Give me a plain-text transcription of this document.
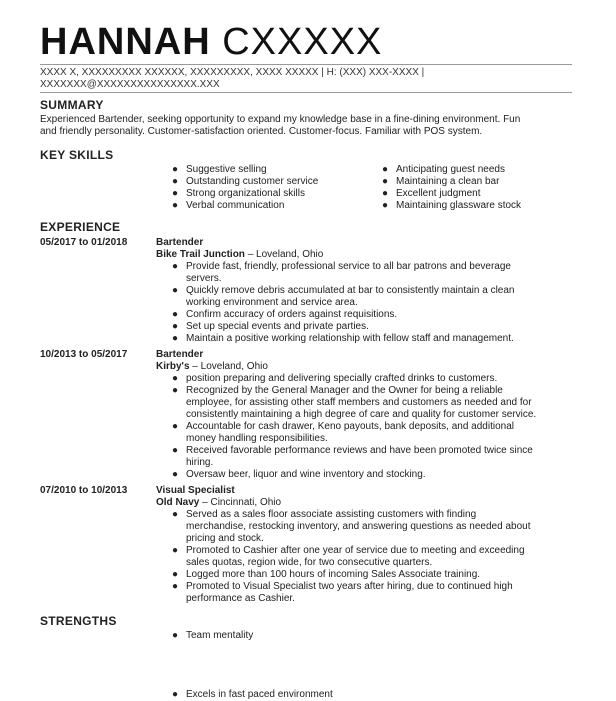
HANNAH CXXXXX
XXXX X, XXXXXXXXX XXXXXX, XXXXXXXXX, XXXX XXXXX | H: (XXX) XXX-XXXX |
XXXXXXX@XXXXXXXXXXXXXXX.XXX
SUMMARY
Experienced Bartender, seeking opportunity to expand my knowledge base in a fine-dining environment. Fun
and friendly personality. Customer-satisfaction oriented. Customer-focus. Familiar with POS system.
KEY SKILLS
● Suggestive selling
● Outstanding customer service
● Strong organizational skills
● Verbal communication
● Anticipating guest needs
● Maintaining a clean bar
● Excellent judgment
● Maintaining glassware stock
EXPERIENCE
05/2017 to 01/2018	Bartender
Bike Trail Junction – Loveland, Ohio
● Provide fast, friendly, professional service to all bar patrons and beverage
servers.
● Quickly remove debris accumulated at bar to consistently maintain a clean
working environment and service area.
● Confirm accuracy of orders against requisitions.
● Set up special events and private parties.
● Maintain a positive working relationship with fellow staff and management.
10/2013 to 05/2017	Bartender
Kirby's – Loveland, Ohio
● position preparing and delivering specially crafted drinks to customers.
● Recognized by the General Manager and the Owner for being a reliable
employee, for assisting other staff members and customers as needed and for
consistently maintaining a high degree of care and quality for customer service.
● Accountable for cash drawer, Keno payouts, bank deposits, and additional
money handling responsibilities.
● Received favorable performance reviews and have been promoted twice since
hiring.
● Oversaw beer, liquor and wine inventory and stocking.
07/2010 to 10/2013	Visual Specialist
Old Navy – Cincinnati, Ohio
● Served as a sales floor associate assisting customers with finding
merchandise, restocking inventory, and answering questions as needed about
pricing and stock.
● Promoted to Cashier after one year of service due to meeting and exceeding
sales quotas, region wide, for two consecutive quarters.
● Logged more than 100 hours of incoming Sales Associate training.
● Promoted to Visual Specialist two years after hiring, due to continued high
performance as Cashier.
STRENGTHS
● Team mentality
● Excels in fast paced environment
